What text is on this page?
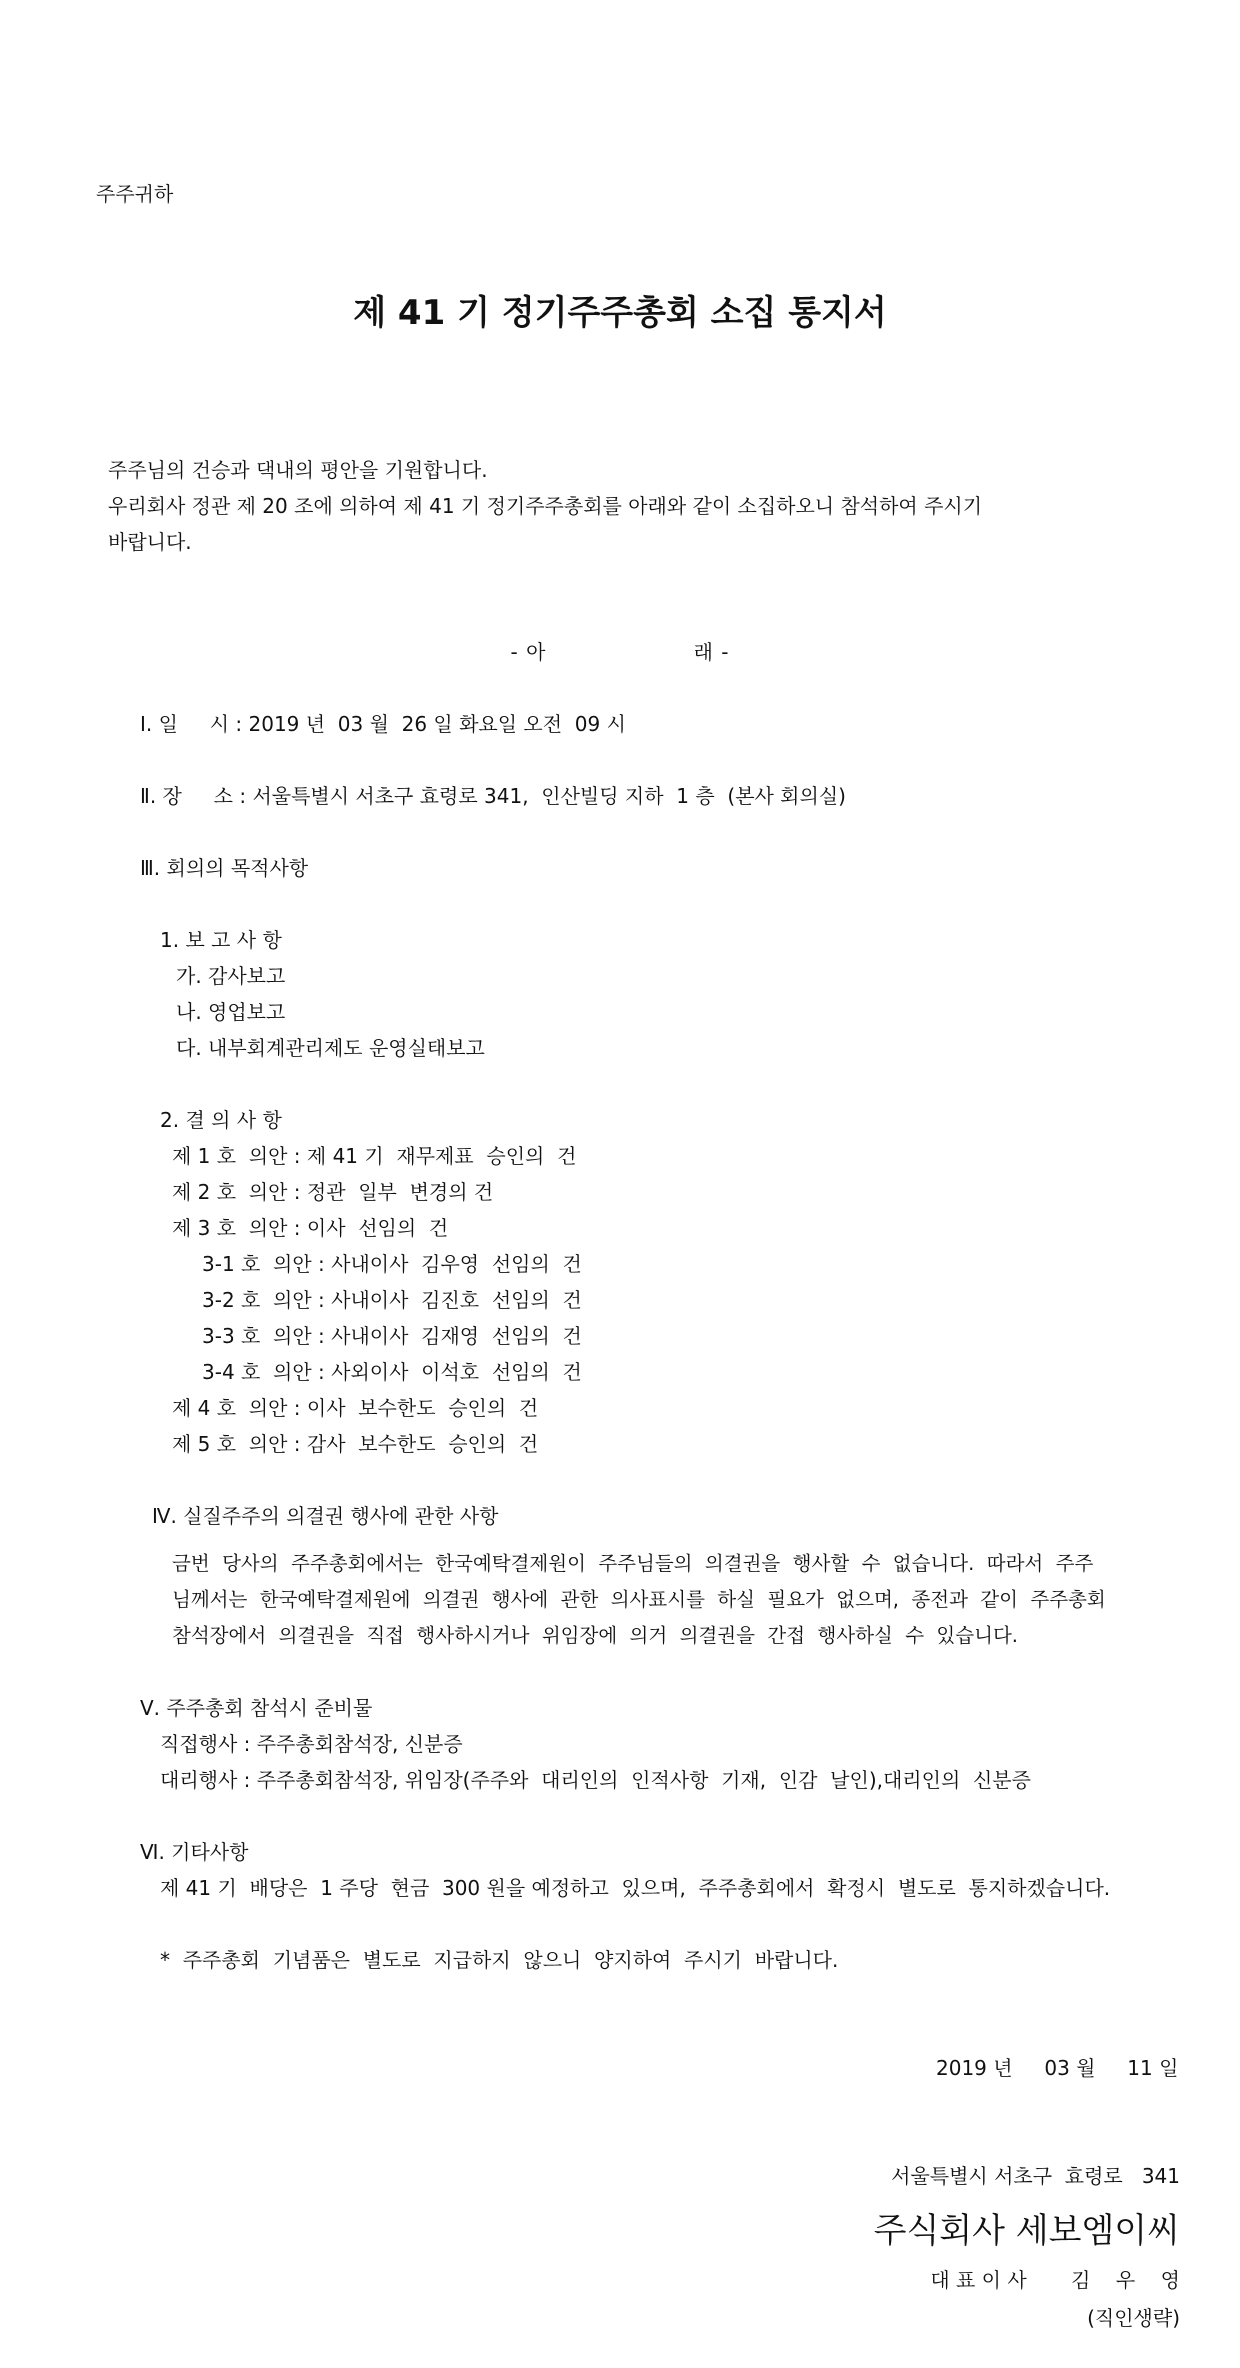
주주귀하
제 41 기 정기주주총회 소집 통지서
주주님의 건승과 댁내의 평안을 기원합니다.
우리회사 정관 제 20 조에 의하여 제 41 기 정기주주총회를 아래와 같이 소집하오니 참석하여 주시기
바랍니다.
- 아                    래 -
Ⅰ. 일     시 : 2019 년  03 월  26 일 화요일 오전  09 시
Ⅱ. 장     소 : 서울특별시 서초구 효령로 341,  인산빌딩 지하  1 층  (본사 회의실)
Ⅲ. 회의의 목적사항
1. 보 고 사 항
가. 감사보고
나. 영업보고
다. 내부회계관리제도 운영실태보고
2. 결 의 사 항
제 1 호  의안 : 제 41 기  재무제표  승인의  건
제 2 호  의안 : 정관  일부  변경의 건
제 3 호  의안 : 이사  선임의  건
3-1 호  의안 : 사내이사  김우영  선임의  건
3-2 호  의안 : 사내이사  김진호  선임의  건
3-3 호  의안 : 사내이사  김재영  선임의  건
3-4 호  의안 : 사외이사  이석호  선임의  건
제 4 호  의안 : 이사  보수한도  승인의  건
제 5 호  의안 : 감사  보수한도  승인의  건
Ⅳ. 실질주주의 의결권 행사에 관한 사항
금번  당사의  주주총회에서는  한국예탁결제원이  주주님들의  의결권을  행사할  수  없습니다.  따라서  주주
님께서는  한국예탁결제원에  의결권  행사에  관한  의사표시를  하실  필요가  없으며,  종전과  같이  주주총회
참석장에서  의결권을  직접  행사하시거나  위임장에  의거  의결권을  간접  행사하실  수  있습니다.
Ⅴ. 주주총회 참석시 준비물
직접행사 : 주주총회참석장, 신분증
대리행사 : 주주총회참석장, 위임장(주주와  대리인의  인적사항  기재,  인감  날인),대리인의  신분증
Ⅵ. 기타사항
제 41 기  배당은  1 주당  현금  300 원을 예정하고  있으며,  주주총회에서  확정시  별도로  통지하겠습니다.
*  주주총회  기념품은  별도로  지급하지  않으니  양지하여  주시기  바랍니다.
2019 년     03 월     11 일
서울특별시 서초구  효령로   341
주식회사 세보엠이씨
대 표 이 사       김    우    영
(직인생략)
